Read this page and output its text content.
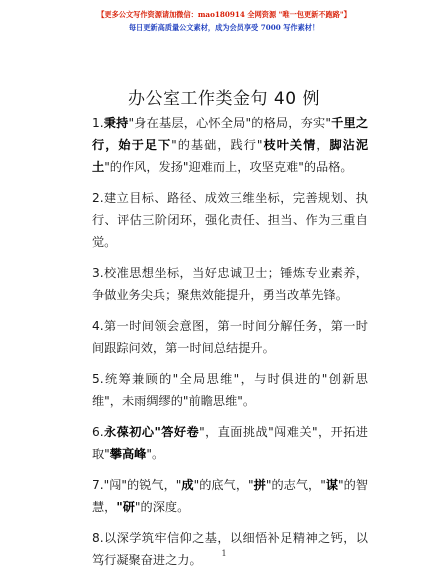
【更多公文写作资源请加微信：mao180914 全网资源 "唯一包更新不跑路"】
每日更新高质量公文素材，成为会员享受 7000 写作素材！
办公室工作类金句 40 例

1.秉持"身在基层，心怀全局"的格局，夯实"千里之行，始于足下"的基础，践行"枝叶关情，脚沾泥土"的作风，发扬"迎难而上，攻坚克难"的品格。

2.建立目标、路径、成效三维坐标，完善规划、执行、评估三阶闭环，强化责任、担当、作为三重自觉。

3.校准思想坐标，当好忠诚卫士；锤炼专业素养，争做业务尖兵；聚焦效能提升，勇当改革先锋。

4.第一时间领会意图，第一时间分解任务，第一时间跟踪问效，第一时间总结提升。

5.统筹兼顾的"全局思维"，与时俱进的"创新思维"，未雨绸缪的"前瞻思维"。

6.永葆初心"答好卷"，直面挑战"闯难关"，开拓进取"攀高峰"。

7."闯"的锐气，"成"的底气，"拼"的志气，"谋"的智慧，"研"的深度。

8.以深学筑牢信仰之基，以细悟补足精神之钙，以笃行凝聚奋进之力。	1
